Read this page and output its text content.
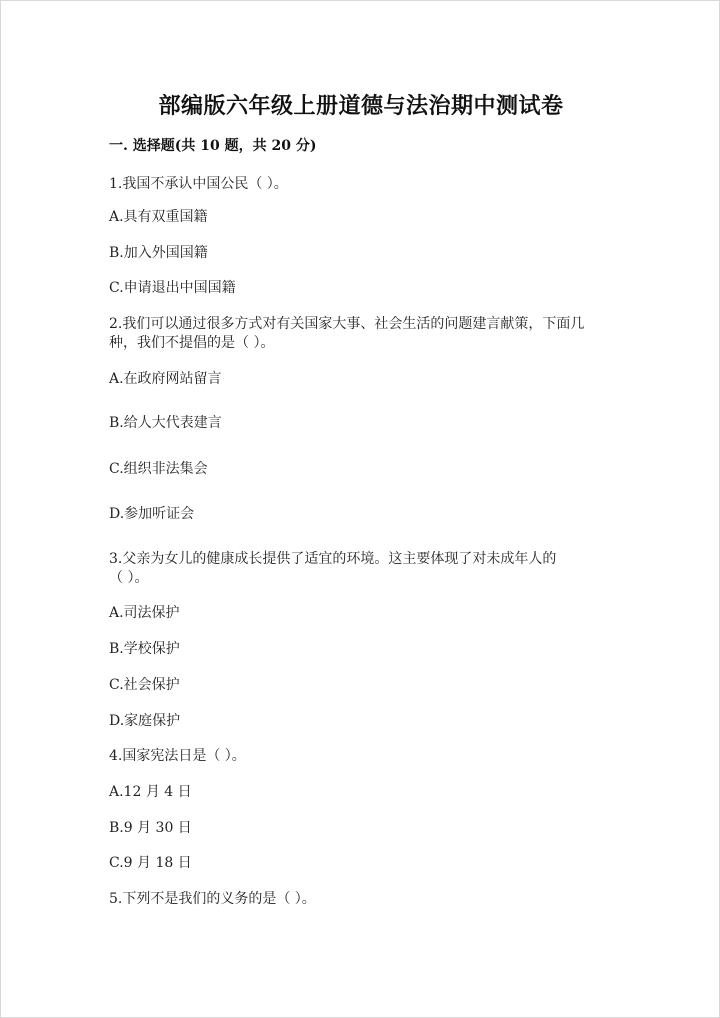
部编版六年级上册道德与法治期中测试卷
一. 选择题(共 10 题，共 20 分)
1.我国不承认中国公民（ ）。
A.具有双重国籍
B.加入外国国籍
C.申请退出中国国籍
2.我们可以通过很多方式对有关国家大事、社会生活的问题建言献策，下面几
种，我们不提倡的是（ ）。
A.在政府网站留言
B.给人大代表建言
C.组织非法集会
D.参加听证会
3.父亲为女儿的健康成长提供了适宜的环境。这主要体现了对未成年人的
（ ）。
A.司法保护
B.学校保护
C.社会保护
D.家庭保护
4.国家宪法日是（ ）。
A.12 月 4 日
B.9 月 30 日
C.9 月 18 日
5.下列不是我们的义务的是（ ）。
